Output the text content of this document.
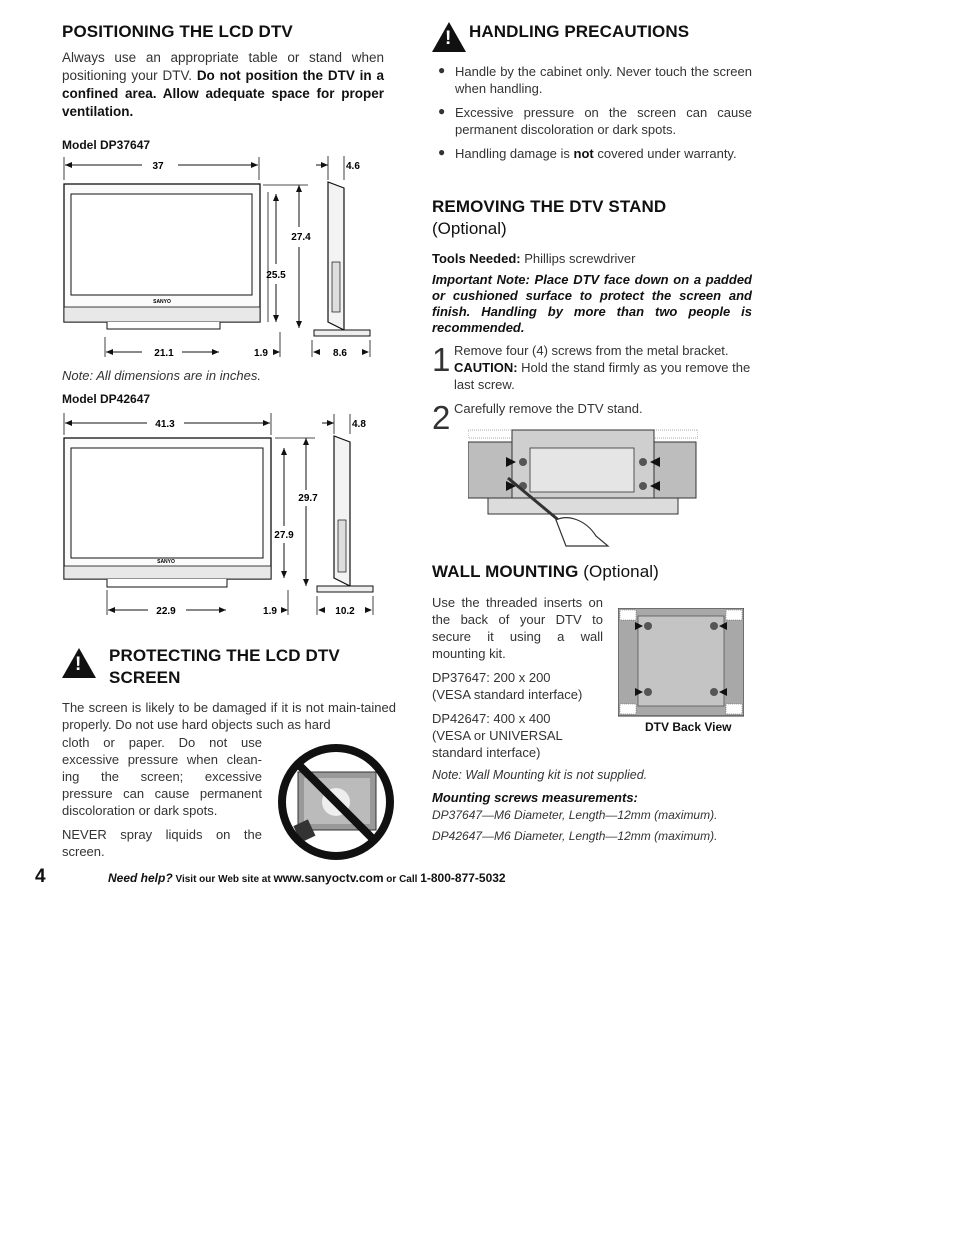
POSITIONING THE LCD DTV

Always use an appropriate table or stand when positioning your DTV. Do not position the DTV in a confined area. Allow adequate space for proper ventilation.

Model DP37647
37
SANYO
27.4
25.5
4.6
21.1	1.9	8.6
Note: All dimensions are in inches.
Model DP42647
41.3
SANYO
29.7
27.9
4.8
22.9	1.9	10.2
! PROTECTING THE LCD DTV
SCREEN

The screen is likely to be damaged if it is not main-tained properly. Do not use hard objects such as hard

cloth or paper. Do not use excessive pressure when clean-ing the screen; excessive pressure can cause permanent discoloration or dark spots.

NEVER spray liquids on the screen.

4	Need help? Visit our Web site at www.sanyoctv.com or Call 1-800-877-5032
! HANDLING PRECAUTIONS
● Handle by the cabinet only. Never touch the screen when handling.
● Excessive pressure on the screen can cause permanent discoloration or dark spots.
● Handling damage is not covered under warranty.
REMOVING THE DTV STAND
(Optional)

Tools Needed: Phillips screwdriver

Important Note: Place DTV face down on a padded or cushioned surface to protect the screen and finish. Handling by more than two people is recommended.

1 Remove four (4) screws from the metal bracket.
CAUTION: Hold the stand firmly as you remove the last screw.
2 Carefully remove the DTV stand.
WALL MOUNTING (Optional)

Use the threaded inserts on the back of your DTV to secure it using a wall mounting kit.

DP37647: 200 x 200
(VESA standard interface)

DP42647: 400 x 400
(VESA or UNIVERSAL
standard interface)

DTV Back View
Note: Wall Mounting kit is not supplied.
Mounting screws measurements:
DP37647—M6 Diameter, Length—12mm (maximum).
DP42647—M6 Diameter, Length—12mm (maximum).
